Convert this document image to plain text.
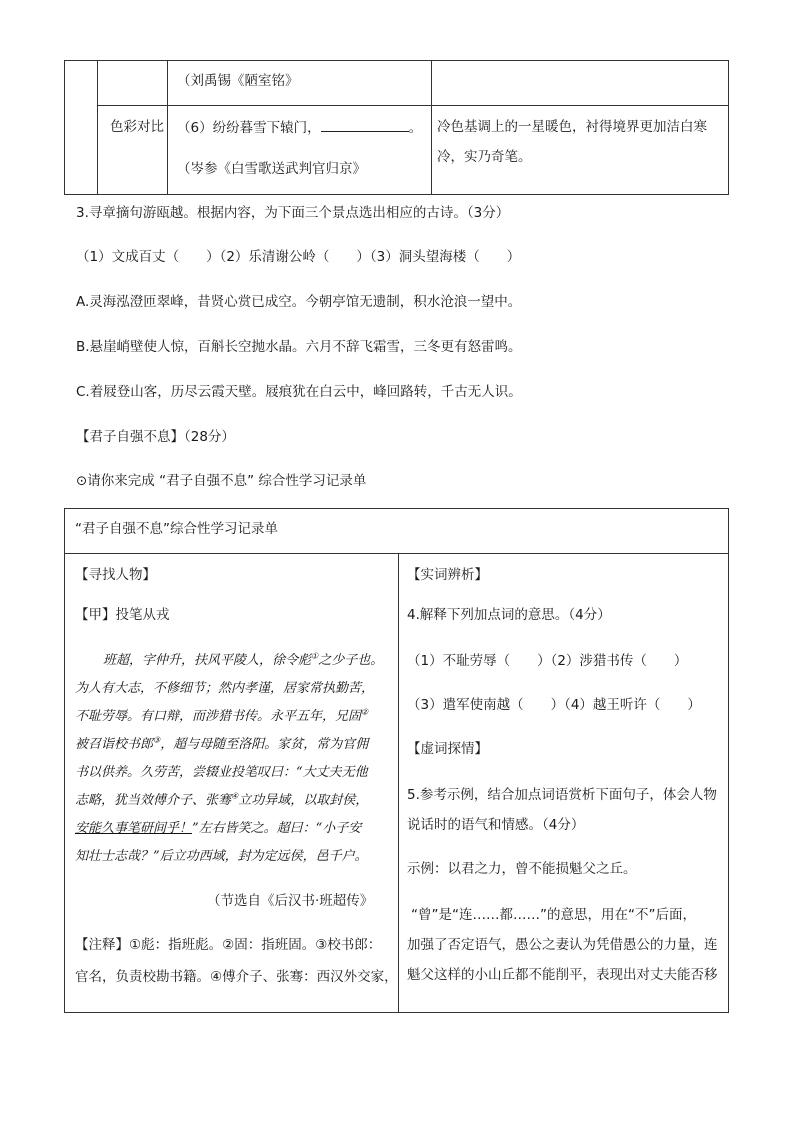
（刘禹锡《陋室铭》
色彩对比 （6）纷纷暮雪下辕门，	。
（岑参《白雪歌送武判官归京》
冷色基调上的一星暖色，衬得境界更加洁白寒
冷，实乃奇笔。
3.寻章摘句游瓯越。根据内容，为下面三个景点选出相应的古诗。（3分）
（1）文成百丈（　　）（2）乐清谢公岭（　　）（3）洞头望海楼（　　）
A.灵海泓澄匝翠峰，昔贤心赏已成空。今朝亭馆无遗制，积水沧浪一望中。
B.悬崖峭壁使人惊，百斛长空抛水晶。六月不辞飞霜雪，三冬更有怒雷鸣。
C.着屐登山客，历尽云霞天壁。屐痕犹在白云中，峰回路转，千古无人识。
【君子自强不息】（28分）
⊙请你来完成 “君子自强不息” 综合性学习记录单
“君子自强不息”综合性学习记录单
【寻找人物】
【甲】投笔从戎
班超，字仲升，扶风平陵人，徐令彪①之少子也。
为人有大志，不修细节；然内孝谨，居家常执勤苦，
不耻劳辱。有口辩，而涉猎书传。永平五年，兄固②
被召诣校书郎③，超与母随至洛阳。家贫，常为官佣
书以供养。久劳苦，尝辍业投笔叹曰：“大丈夫无他
志略，犹当效傅介子、张骞④立功异域，以取封侯，
安能久事笔研间乎！”左右皆笑之。超曰：“小子安
知壮士志哉？”后立功西域，封为定远侯，邑千户。
（节选自《后汉书·班超传》
【注释】①彪：指班彪。②固：指班固。③校书郎：
官名，负责校勘书籍。④傅介子、张骞：西汉外交家，
【实词辨析】
4.解释下列加点词的意思。（4分）
（1）不耻劳辱（　　）（2）涉猎书传（　　）
（3）遣军使南越（　　）（4）越王听许（　　）
【虚词探情】
5.参考示例，结合加点词语赏析下面句子，体会人物
说话时的语气和情感。（4分）
示例：以君之力，曾不能损魁父之丘。
“曾”是“连……都……”的意思，用在“不”后面，
加强了否定语气，愚公之妻认为凭借愚公的力量，连
魁父这样的小山丘都不能削平，表现出对丈夫能否移
